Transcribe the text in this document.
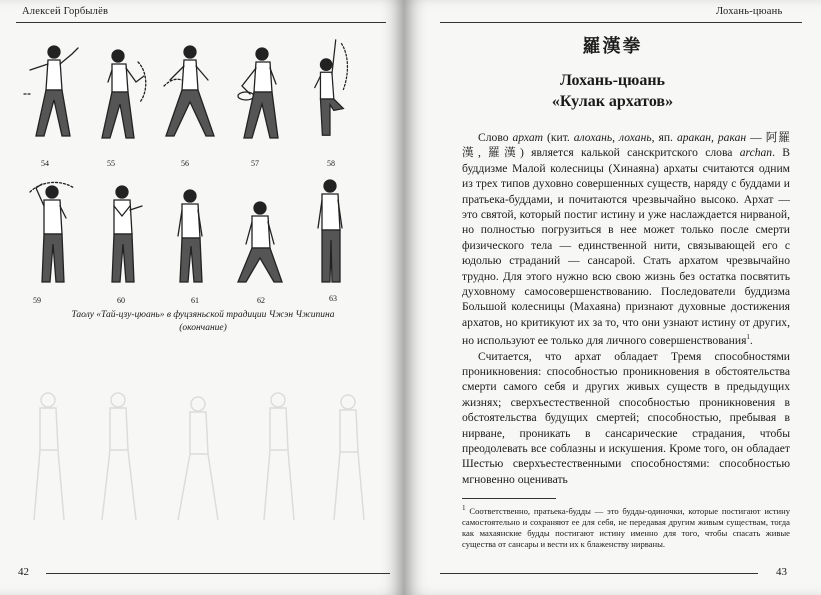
Алексей Горбылёв
54	55	56	57	58
59	60	61	62	63
Таолу «Тай-цзу-цюань» в фуцзяньской традиции Чжэн Чжипина
(окончание)
42
Лохань-цюань
羅漢拳
Лохань-цюань
«Кулак архатов»

Слово архат (кит. алохань, лохань, яп. аракан, ракан — 阿羅漢, 羅漢) является калькой санскритского слова archan. В буддизме Малой колесницы (Хинаяна) архаты считаются одним из трех типов духовно совершенных существ, наряду с буддами и пратьека-буддами, и почитаются чрезвычайно высоко. Архат — это святой, который постиг истину и уже наслаждается нирваной, но полностью погрузиться в нее может только после смерти физического тела — единственной нити, связывающей его с юдолью страданий — сансарой. Стать архатом чрезвычайно трудно. Для этого нужно всю свою жизнь без остатка посвятить духовному самосовершенствованию. Последователи буддизма Большой колесницы (Махаяна) признают духовные достижения архатов, но критикуют их за то, что они узнают истину от других, но используют ее только для личного совершенствования$^1$.

Считается, что архат обладает Тремя способностями проникновения: способностью проникновения в обстоятельства смерти самого себя и других живых существ в предыдущих жизнях; сверхъестественной способностью проникновения в обстоятельства будущих смертей; способностью, пребывая в нирване, проникать в сансарические страдания, чтобы преодолевать все соблазны и искушения. Кроме того, он обладает Шестью сверхъестественными способностями: способностью мгновенно оценивать

$^1$ Соответственно, пратьека-будды — это будды-одиночки, которые постигают истину самостоятельно и сохраняют ее для себя, не передавая другим живым существам, тогда как махаянские будды постигают истину именно для того, чтобы спасать живые существа от сансары и вести их к блаженству нирваны.
43
